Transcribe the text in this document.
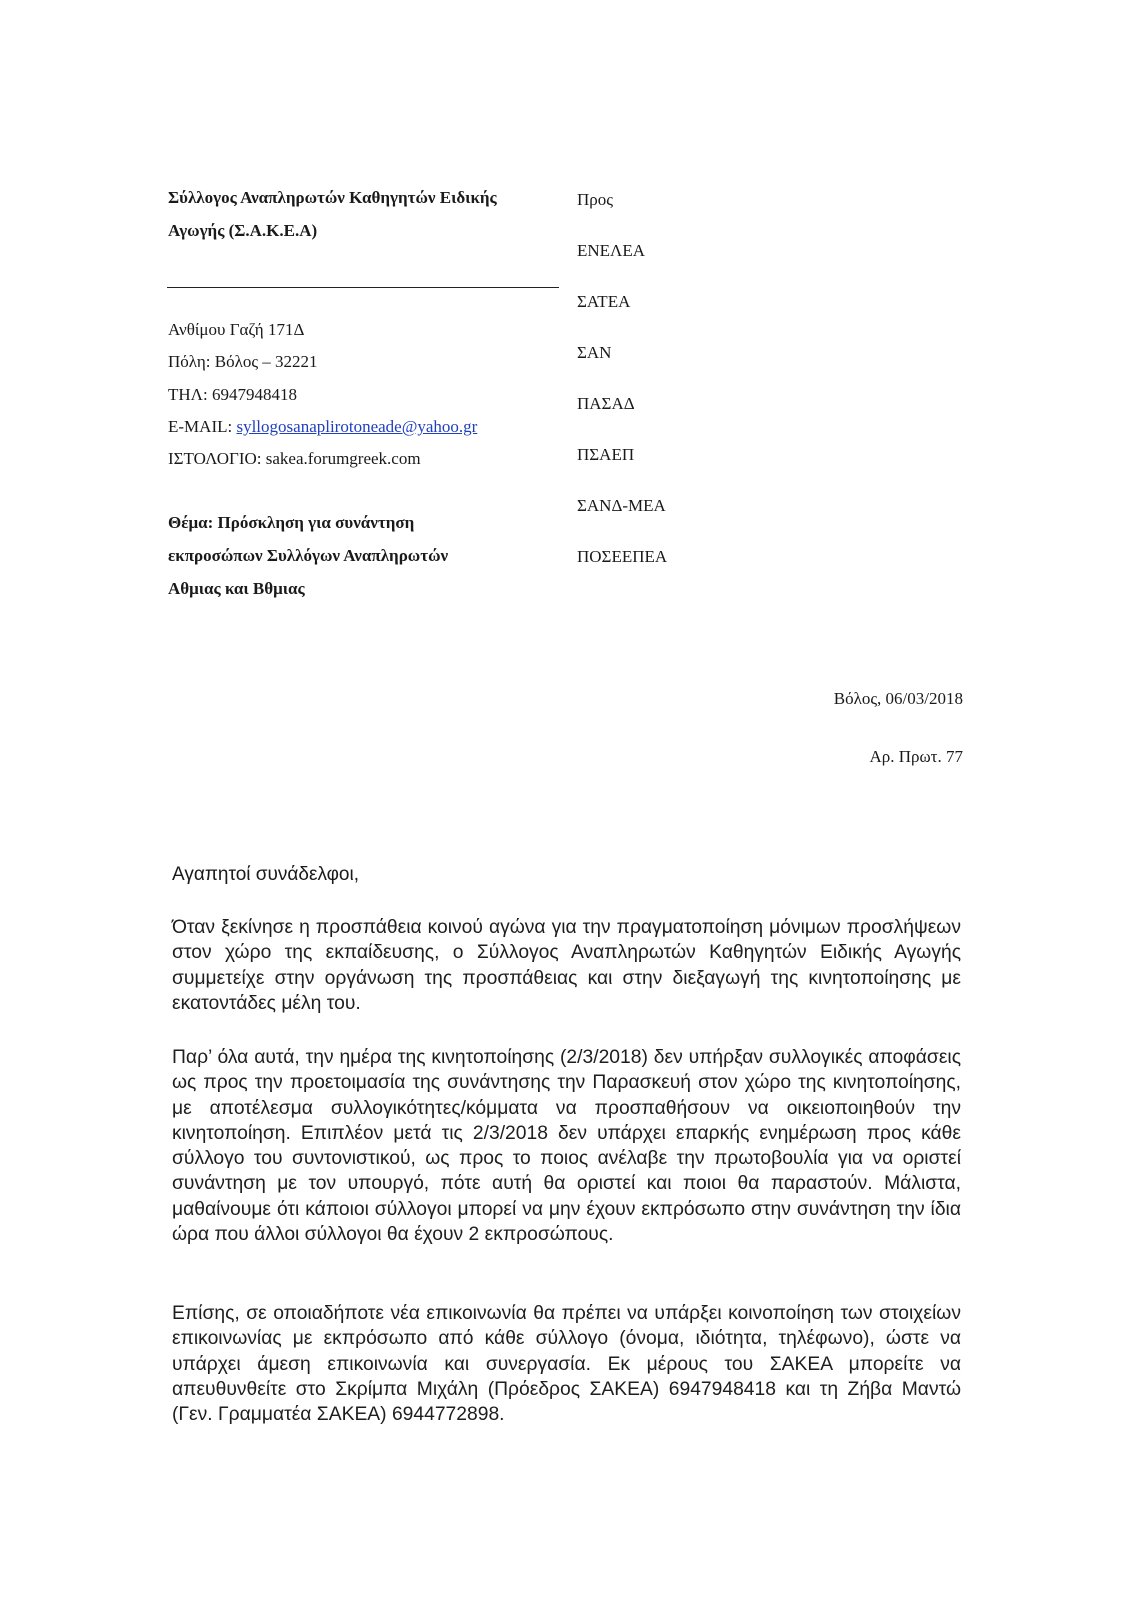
Σύλλογος Αναπληρωτών Καθηγητών Ειδικής
Αγωγής (Σ.Α.Κ.Ε.Α)
Ανθίμου Γαζή 171Δ
Πόλη: Βόλος – 32221
ΤΗΛ: 6947948418
E-MAIL: syllogosanaplirotoneade@yahoo.gr
ΙΣΤΟΛΟΓΙΟ: sakea.forumgreek.com
Θέμα: Πρόσκληση για συνάντηση
εκπροσώπων Συλλόγων Αναπληρωτών
Αθμιας και Βθμιας
Προς
ΕΝΕΛΕΑ
ΣΑΤΕΑ
ΣΑΝ
ΠΑΣΑΔ
ΠΣΑΕΠ
ΣΑΝΔ-ΜΕΑ
ΠΟΣΕΕΠΕΑ
Βόλος, 06/03/2018
Αρ. Πρωτ. 77
Αγαπητοί συνάδελφοι,
Όταν ξεκίνησε η προσπάθεια κοινού αγώνα για την πραγματοποίηση μόνιμων προσλήψεων στον χώρο της εκπαίδευσης, ο Σύλλογος Αναπληρωτών Καθηγητών Ειδικής Αγωγής συμμετείχε στην οργάνωση της προσπάθειας και στην διεξαγωγή της κινητοποίησης με εκατοντάδες μέλη του.
Παρ’ όλα αυτά, την ημέρα της κινητοποίησης (2/3/2018) δεν υπήρξαν συλλογικές αποφάσεις ως προς την προετοιμασία της συνάντησης την Παρασκευή στον χώρο της κινητοποίησης, με αποτέλεσμα συλλογικότητες/κόμματα να προσπαθήσουν να οικειοποιηθούν την κινητοποίηση. Επιπλέον μετά τις 2/3/2018 δεν υπάρχει επαρκής ενημέρωση προς κάθε σύλλογο του συντονιστικού, ως προς το ποιος ανέλαβε την πρωτοβουλία για να οριστεί συνάντηση με τον υπουργό, πότε αυτή θα οριστεί και ποιοι θα παραστούν. Μάλιστα, μαθαίνουμε ότι κάποιοι σύλλογοι μπορεί να μην έχουν εκπρόσωπο στην συνάντηση την ίδια ώρα που άλλοι σύλλογοι θα έχουν 2 εκπροσώπους.
Επίσης, σε οποιαδήποτε νέα επικοινωνία θα πρέπει να υπάρξει κοινοποίηση των στοιχείων επικοινωνίας με εκπρόσωπο από κάθε σύλλογο (όνομα, ιδιότητα, τηλέφωνο), ώστε να υπάρχει άμεση επικοινωνία και συνεργασία. Εκ μέρους του ΣΑΚΕΑ μπορείτε να απευθυνθείτε στο Σκρίμπα Μιχάλη (Πρόεδρος ΣΑΚΕΑ) 6947948418 και τη Ζήβα Μαντώ (Γεν. Γραμματέα ΣΑΚΕΑ) 6944772898.
